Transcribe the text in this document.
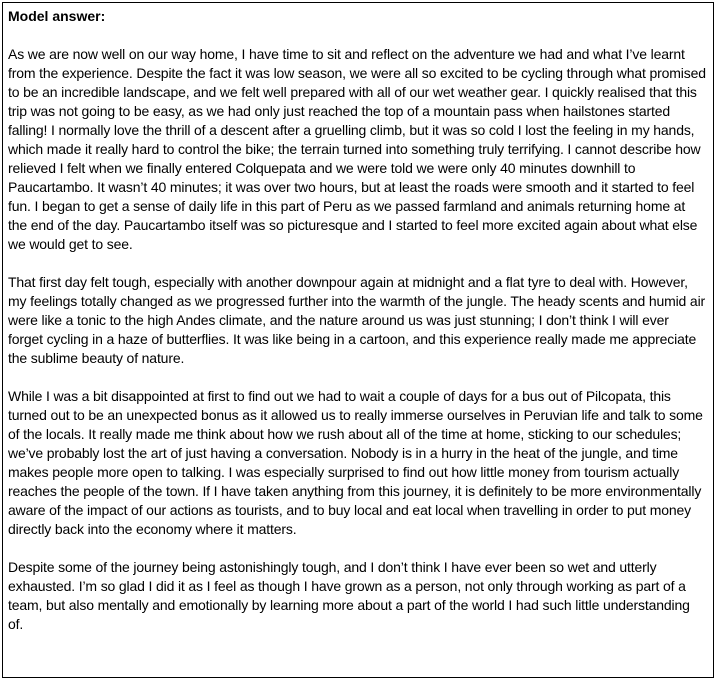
Model answer:

As we are now well on our way home, I have time to sit and reflect on the adventure we had and what I’ve learnt from the experience. Despite the fact it was low season, we were all so excited to be cycling through what promised to be an incredible landscape, and we felt well prepared with all of our wet weather gear. I quickly realised that this trip was not going to be easy, as we had only just reached the top of a mountain pass when hailstones started falling! I normally love the thrill of a descent after a gruelling climb, but it was so cold I lost the feeling in my hands, which made it really hard to control the bike; the terrain turned into something truly terrifying. I cannot describe how relieved I felt when we finally entered Colquepata and we were told we were only 40 minutes downhill to Paucartambo. It wasn’t 40 minutes; it was over two hours, but at least the roads were smooth and it started to feel fun. I began to get a sense of daily life in this part of Peru as we passed farmland and animals returning home at the end of the day. Paucartambo itself was so picturesque and I started to feel more excited again about what else we would get to see.

That first day felt tough, especially with another downpour again at midnight and a flat tyre to deal with. However, my feelings totally changed as we progressed further into the warmth of the jungle. The heady scents and humid air were like a tonic to the high Andes climate, and the nature around us was just stunning; I don’t think I will ever forget cycling in a haze of butterflies. It was like being in a cartoon, and this experience really made me appreciate the sublime beauty of nature.

While I was a bit disappointed at first to find out we had to wait a couple of days for a bus out of Pilcopata, this turned out to be an unexpected bonus as it allowed us to really immerse ourselves in Peruvian life and talk to some of the locals. It really made me think about how we rush about all of the time at home, sticking to our schedules; we’ve probably lost the art of just having a conversation. Nobody is in a hurry in the heat of the jungle, and time makes people more open to talking. I was especially surprised to find out how little money from tourism actually reaches the people of the town. If I have taken anything from this journey, it is definitely to be more environmentally aware of the impact of our actions as tourists, and to buy local and eat local when travelling in order to put money directly back into the economy where it matters.

Despite some of the journey being astonishingly tough, and I don’t think I have ever been so wet and utterly exhausted. I’m so glad I did it as I feel as though I have grown as a person, not only through working as part of a team, but also mentally and emotionally by learning more about a part of the world I had such little understanding of.
